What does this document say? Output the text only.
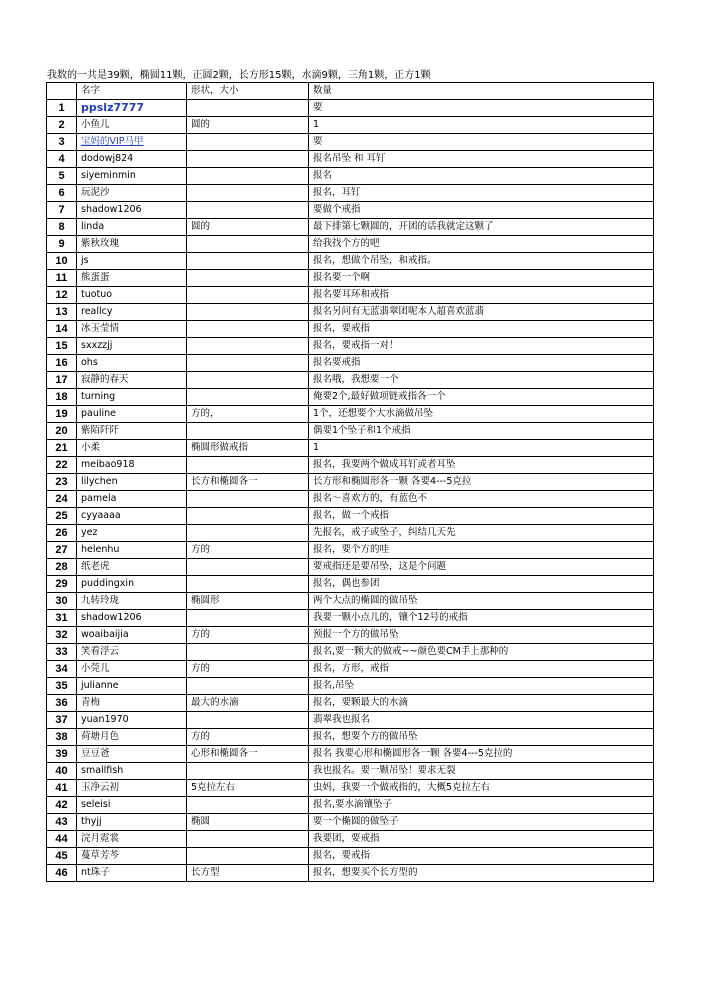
我数的一共是39颗，椭圆11颗，正圆2颗，长方形15颗，水滴9颗，三角1颗，正方1颗
	名字	形状，大小	数量
1	ppslz7777		要
2	小鱼儿	圆的	1
3	宝妈的VIP马甲		要
4	dodowj824		报名吊坠 和 耳钉
5	siyeminmin		报名
6	玩泥沙		报名，耳钉
7	shadow1206		要做个戒指
8	linda	圆的	最下排第七颗圆的，开团的话我就定这颗了
9	紫秋玫瑰		给我找个方的吧
10	js		报名，想做个吊坠，和戒指。
11	熊蛋蛋		报名要一个啊
12	tuotuo		报名要耳环和戒指
13	reallcy		报名另问有无蓝翡翠团呢本人超喜欢蓝翡
14	冰玉莹情		报名，要戒指
15	sxxzzjj		报名，要戒指一对！
16	ohs		报名要戒指
17	寂静的春天		报名哦，我想要一个
18	turning		俺要2个,最好做项链戒指各一个
19	pauline	方的，	1个，还想要个大水滴做吊坠
20	紫陌阡阡		偶要1个坠子和1个戒指
21	小柔	椭圆形做戒指	1
22	meibao918		报名，我要两个做成耳钉或者耳坠
23	lilychen	长方和椭圆各一	长方形和椭圆形各一颗 各要4---5克拉
24	pamela		报名～喜欢方的，有蓝色不
25	cyyaaaa		报名，做一个戒指
26	yez		先报名，戒子或坠子，纠结几天先
27	helenhu	方的	报名，要个方的哇
28	纸老虎		要戒指还是要吊坠，这是个问题
29	puddingxin		报名，偶也参团
30	九转玲珑	椭圆形	两个大点的椭圆的做吊坠
31	shadow1206		我要一颗小点儿的，镶个12号的戒指
32	woaibaijia	方的	预报一个方的做吊坠
33	笑看浮云		报名,要一颗大的做戒~~颜色要CM手上那种的
34	小莞儿	方的	报名，方形，戒指
35	julianne		报名,吊坠
36	青梅	最大的水滴	报名，要颗最大的水滴
37	yuan1970		翡翠我也报名
38	荷塘月色	方的	报名，想要个方的做吊坠
39	豆豆爸	心形和椭圆各一	报名 我要心形和椭圆形各一颗 各要4---5克拉的
40	smallfish		我也报名。要一颗吊坠！要求无裂
41	玉净云初	5克拉左右	虫妈，我要一个做戒指的，大概5克拉左右
42	seleisi		报名,要水滴镶坠子
43	thyjj	椭圆	要一个椭圆的做坠子
44	浣月霓裳		我要团，要戒指
45	蔓草芳芩		报名，要戒指
46	nt珠子	长方型	报名，想要买个长方型的
